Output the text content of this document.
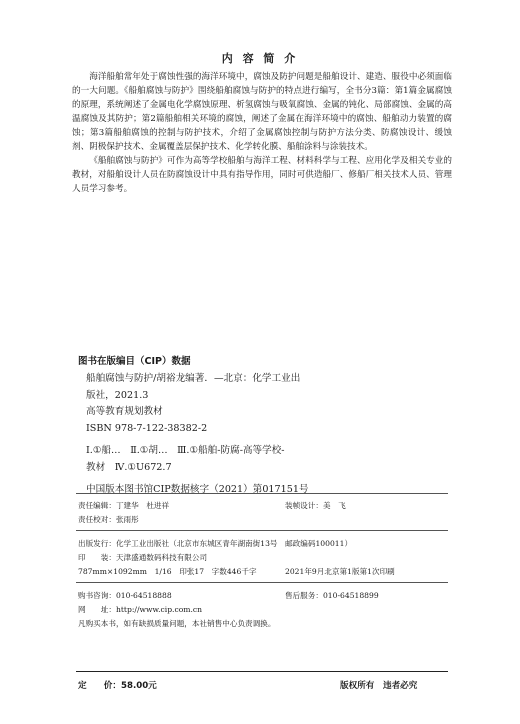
内 容 简 介

海洋船舶常年处于腐蚀性强的海洋环境中，腐蚀及防护问题是船舶设计、建造、服役中必须面临的一大问题。《船舶腐蚀与防护》围绕船舶腐蚀与防护的特点进行编写，全书分3篇：第1篇金属腐蚀的原理，系统阐述了金属电化学腐蚀原理、析氢腐蚀与吸氧腐蚀、金属的钝化、局部腐蚀、金属的高温腐蚀及其防护；第2篇船舶相关环境的腐蚀，阐述了金属在海洋环境中的腐蚀、船舶动力装置的腐蚀；第3篇船舶腐蚀的控制与防护技术，介绍了金属腐蚀控制与防护方法分类、防腐蚀设计、缓蚀剂、阴极保护技术、金属覆盖层保护技术、化学转化膜、船舶涂料与涂装技术。

《船舶腐蚀与防护》可作为高等学校船舶与海洋工程、材料科学与工程、应用化学及相关专业的教材，对船舶设计人员在防腐蚀设计中具有指导作用，同时可供造船厂、修船厂相关技术人员、管理人员学习参考。

图书在版编目（CIP）数据
船舶腐蚀与防护/胡裕龙编著．—北京：化学工业出
版社，2021.3
高等教育规划教材
ISBN 978-7-122-38382-2
Ⅰ.①船…　Ⅱ.①胡…　Ⅲ.①船舶-防腐-高等学校-
教材　Ⅳ.①U672.7
中国版本图书馆CIP数据核字（2021）第017151号
责任编辑：丁建华　杜进祥	装帧设计：美　飞
责任校对：张雨彤
出版发行：化学工业出版社（北京市东城区青年湖南街13号　邮政编码100011）
印　　装：天津盛通数码科技有限公司
787mm×1092mm　1/16　印张17　字数446千字	2021年9月北京第1版第1次印刷
购书咨询：010-64518888	售后服务：010-64518899
网　　址：http://www.cip.com.cn
凡购买本书，如有缺损质量问题，本社销售中心负责调换。
定　　价：58.00元	版权所有　违者必究
